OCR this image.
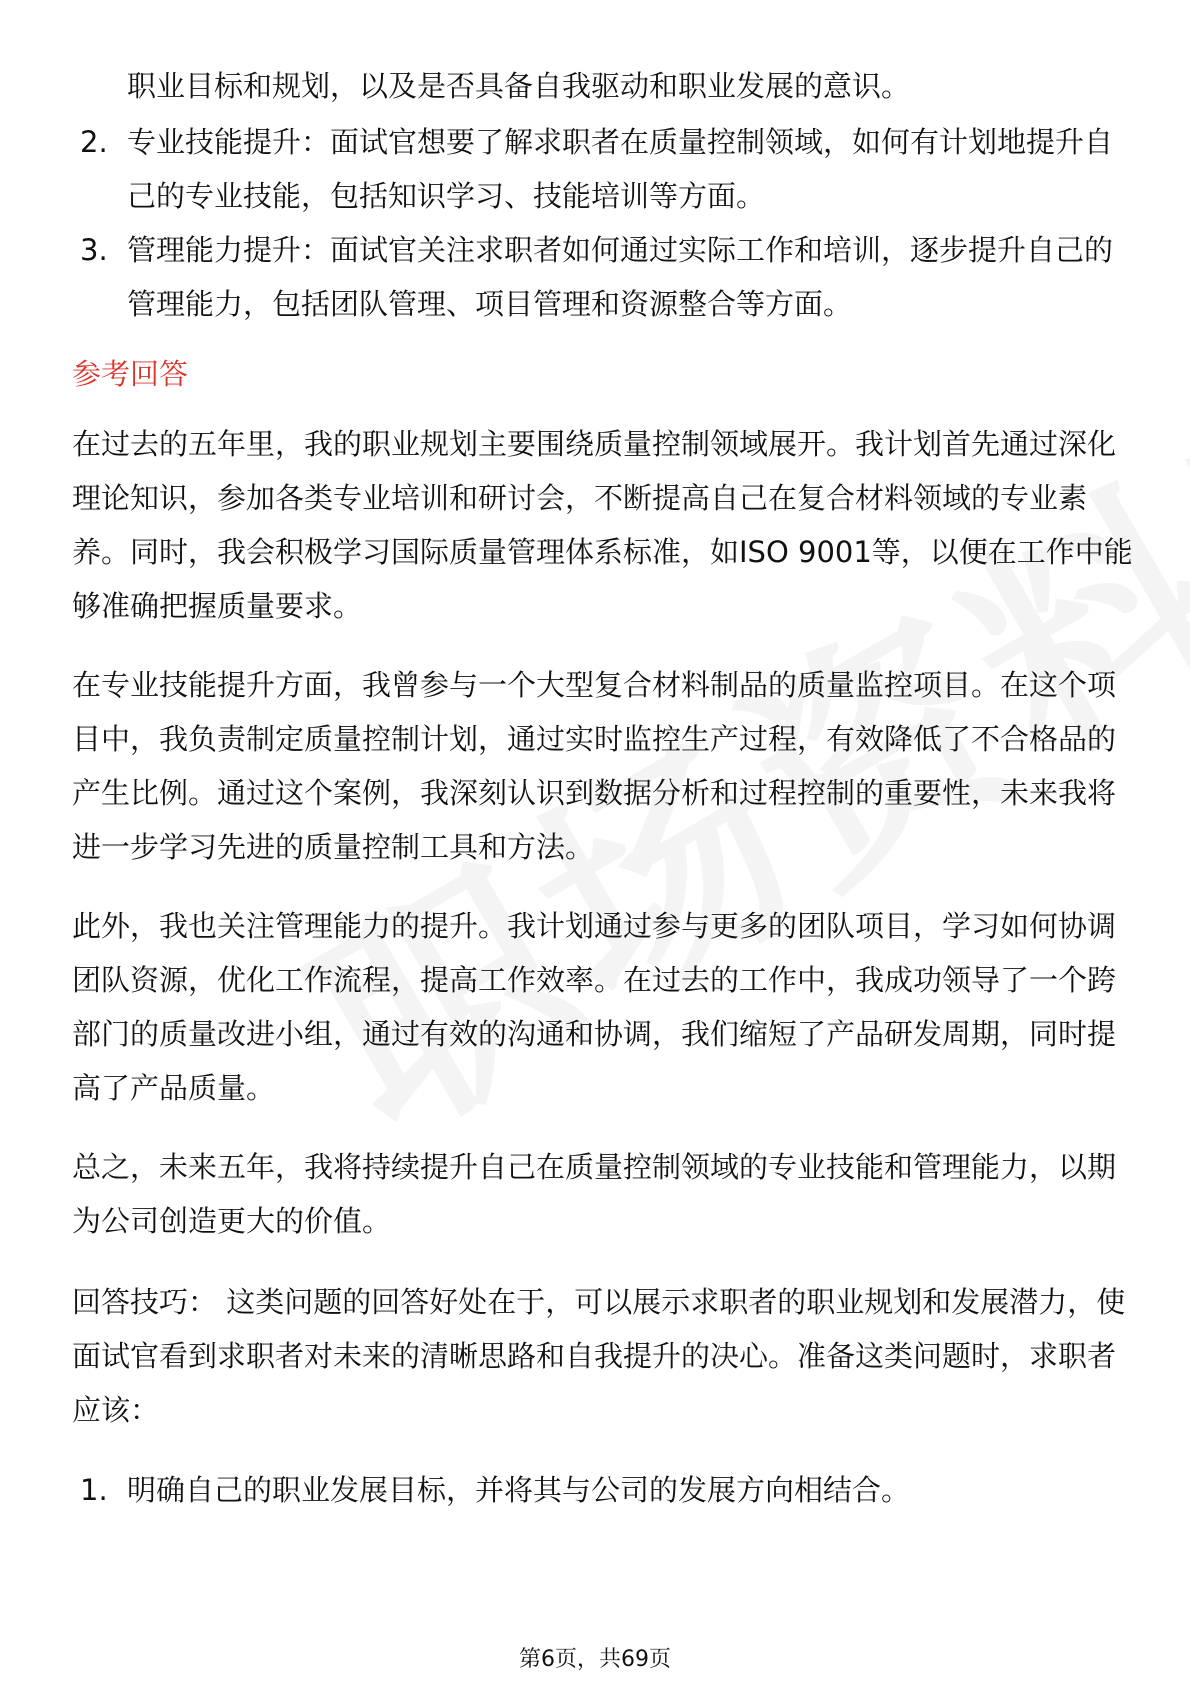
职业目标和规划，以及是否具备自我驱动和职业发展的意识。
2. 专业技能提升：面试官想要了解求职者在质量控制领域，如何有计划地提升自
己的专业技能，包括知识学习、技能培训等方面。
3. 管理能力提升：面试官关注求职者如何通过实际工作和培训，逐步提升自己的
管理能力，包括团队管理、项目管理和资源整合等方面。
参考回答
在过去的五年里，我的职业规划主要围绕质量控制领域展开。我计划首先通过深化
理论知识，参加各类专业培训和研讨会，不断提高自己在复合材料领域的专业素
养。同时，我会积极学习国际质量管理体系标准，如ISO 9001等，以便在工作中能
够准确把握质量要求。
在专业技能提升方面，我曾参与一个大型复合材料制品的质量监控项目。在这个项
目中，我负责制定质量控制计划，通过实时监控生产过程，有效降低了不合格品的
产生比例。通过这个案例，我深刻认识到数据分析和过程控制的重要性，未来我将
进一步学习先进的质量控制工具和方法。
此外，我也关注管理能力的提升。我计划通过参与更多的团队项目，学习如何协调
团队资源，优化工作流程，提高工作效率。在过去的工作中，我成功领导了一个跨
部门的质量改进小组，通过有效的沟通和协调，我们缩短了产品研发周期，同时提
高了产品质量。
总之，未来五年，我将持续提升自己在质量控制领域的专业技能和管理能力，以期
为公司创造更大的价值。
回答技巧： 这类问题的回答好处在于，可以展示求职者的职业规划和发展潜力，使
面试官看到求职者对未来的清晰思路和自我提升的决心。准备这类问题时，求职者
应该：
1. 明确自己的职业发展目标，并将其与公司的发展方向相结合。
第6页，共69页
